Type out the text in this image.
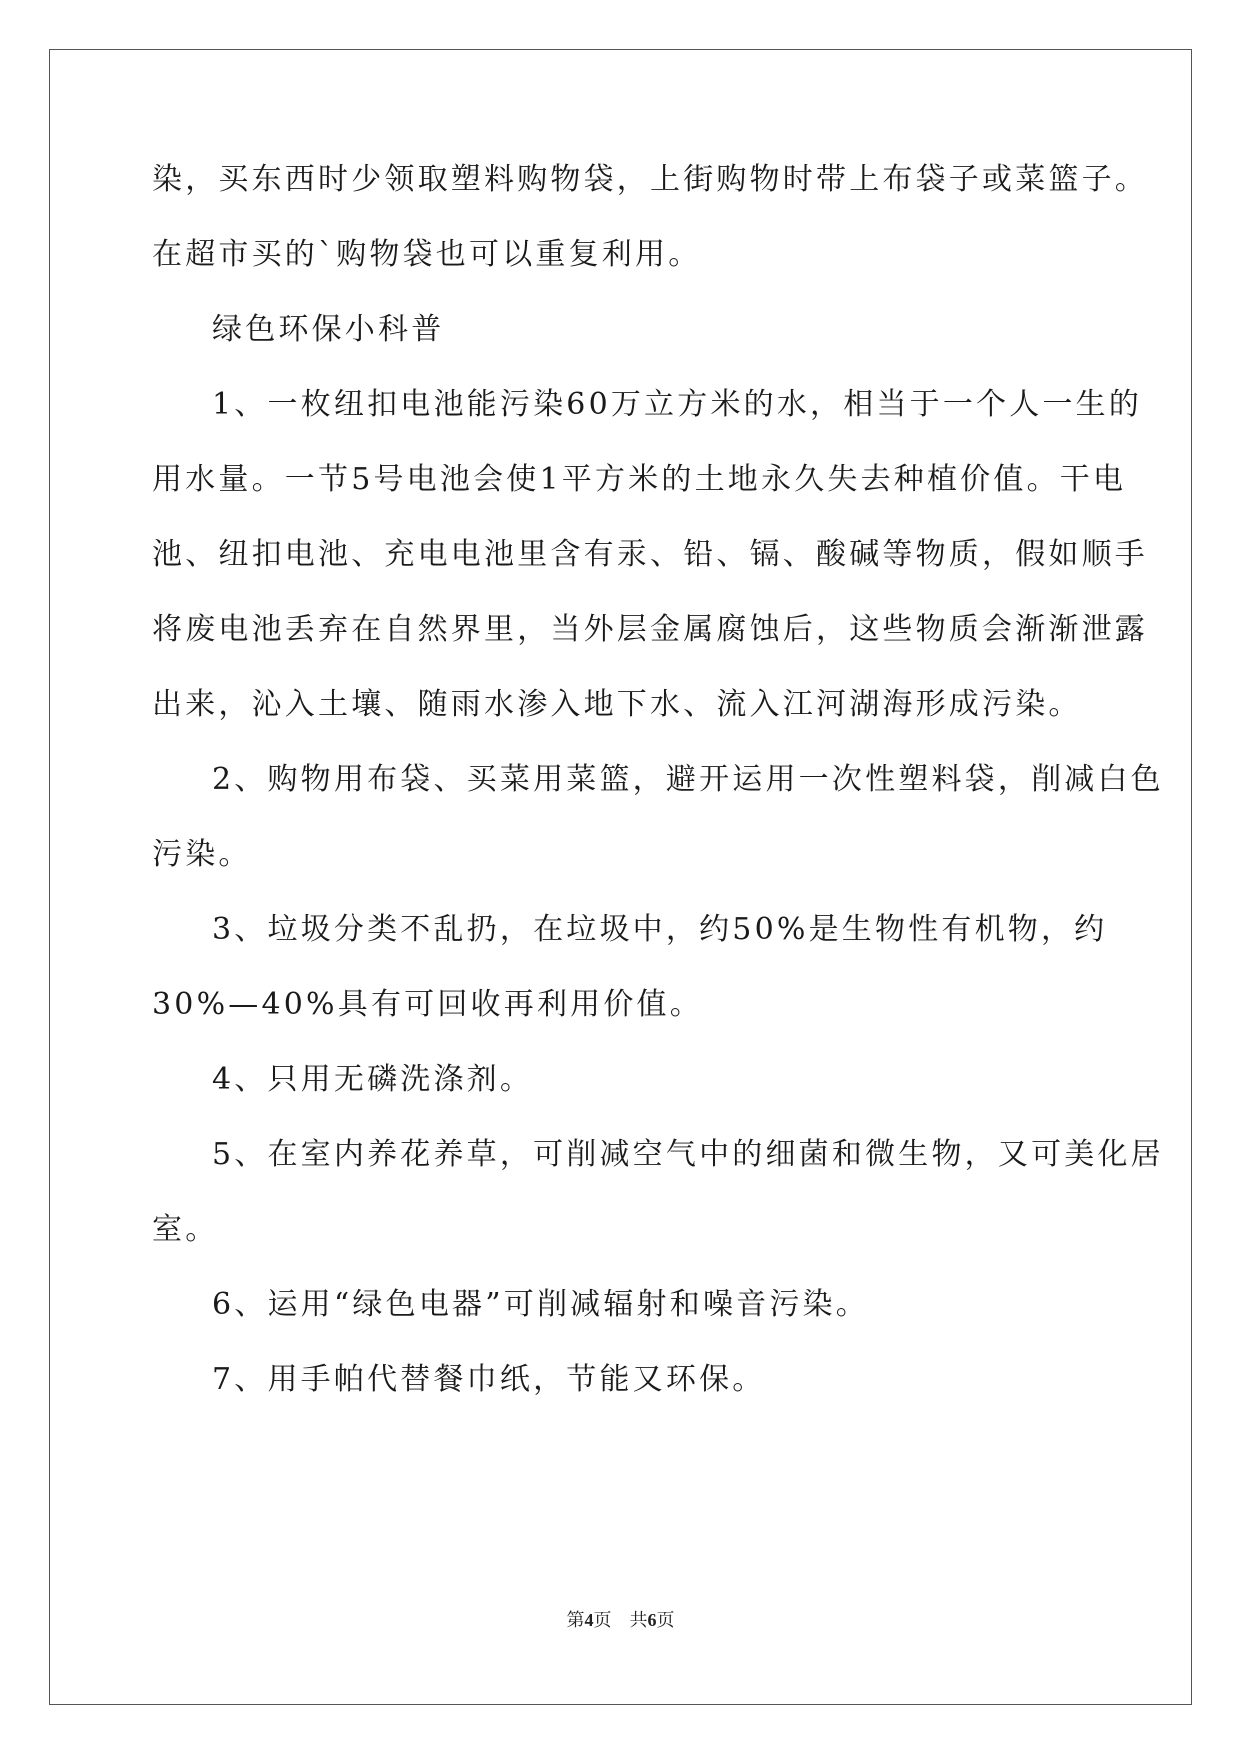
染，买东西时少领取塑料购物袋，上街购物时带上布袋子或菜篮子。
在超市买的`购物袋也可以重复利用。
绿色环保小科普
1、一枚纽扣电池能污染60万立方米的水，相当于一个人一生的
用水量。一节5号电池会使1平方米的土地永久失去种植价值。干电
池、纽扣电池、充电电池里含有汞、铅、镉、酸碱等物质，假如顺手
将废电池丢弃在自然界里，当外层金属腐蚀后，这些物质会渐渐泄露
出来，沁入土壤、随雨水渗入地下水、流入江河湖海形成污染。
2、购物用布袋、买菜用菜篮，避开运用一次性塑料袋，削减白色
污染。
3、垃圾分类不乱扔，在垃圾中，约50%是生物性有机物，约
30%—40%具有可回收再利用价值。
4、只用无磷洗涤剂。
5、在室内养花养草，可削减空气中的细菌和微生物，又可美化居
室。
6、运用“绿色电器”可削减辐射和噪音污染。
7、用手帕代替餐巾纸，节能又环保。
第4页 共6页
